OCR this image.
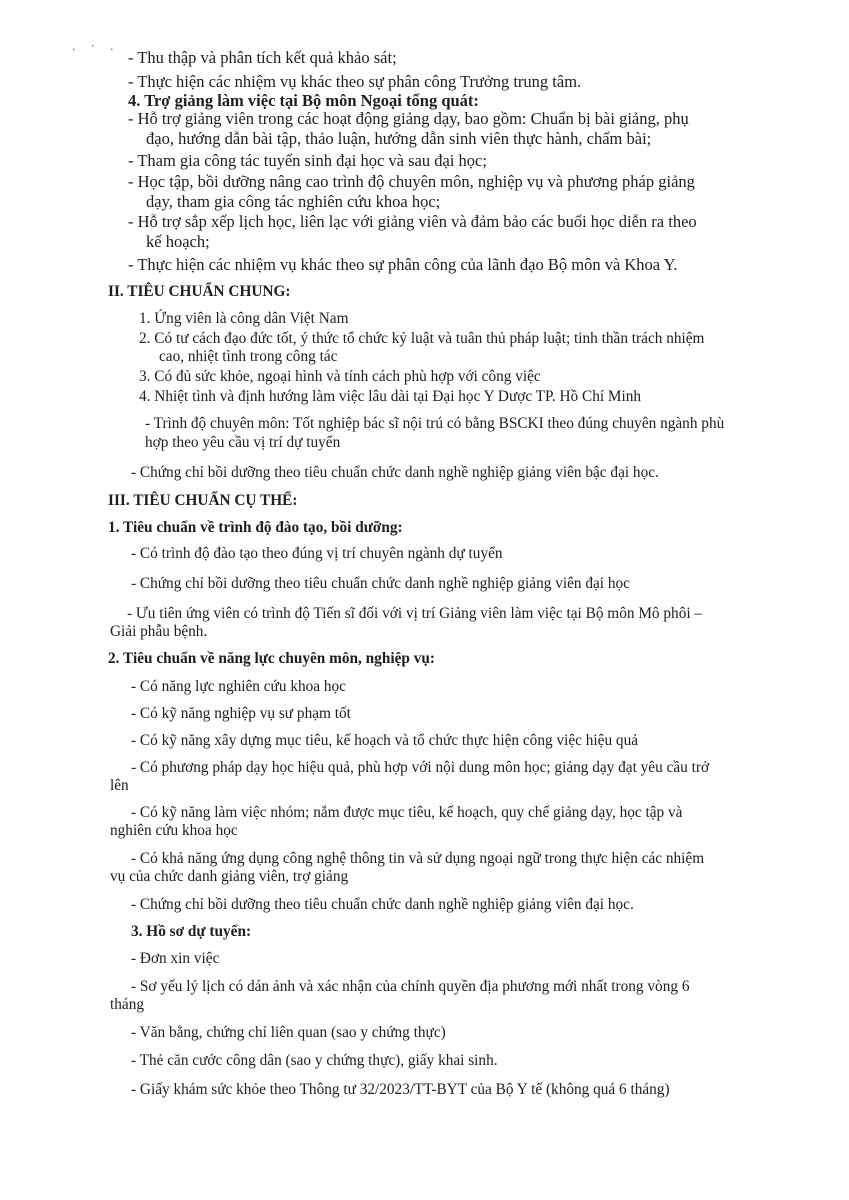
. · .
- Thu thập và phân tích kết quả khảo sát;
- Thực hiện các nhiệm vụ khác theo sự phân công Trưởng trung tâm.
4. Trợ giảng làm việc tại Bộ môn Ngoại tổng quát:
- Hỗ trợ giảng viên trong các hoạt động giảng dạy, bao gồm: Chuẩn bị bài giảng, phụ
đạo, hướng dẫn bài tập, thảo luận, hướng dẫn sinh viên thực hành, chấm bài;
- Tham gia công tác tuyển sinh đại học và sau đại học;
- Học tập, bồi dưỡng nâng cao trình độ chuyên môn, nghiệp vụ và phương pháp giảng
dạy, tham gia công tác nghiên cứu khoa học;
- Hỗ trợ sắp xếp lịch học, liên lạc với giảng viên và đảm bảo các buổi học diễn ra theo
kế hoạch;
- Thực hiện các nhiệm vụ khác theo sự phân công của lãnh đạo Bộ môn và Khoa Y.
II. TIÊU CHUẨN CHUNG:
1. Ứng viên là công dân Việt Nam
2. Có tư cách đạo đức tốt, ý thức tổ chức kỷ luật và tuân thủ pháp luật; tinh thần trách nhiệm
cao, nhiệt tình trong công tác
3. Có đủ sức khỏe, ngoại hình và tính cách phù hợp với công việc
4. Nhiệt tình và định hướng làm việc lâu dài tại Đại học Y Dược TP. Hồ Chí Minh
- Trình độ chuyên môn: Tốt nghiệp bác sĩ nội trú có bằng BSCKI theo đúng chuyên ngành phù
hợp theo yêu cầu vị trí dự tuyển
- Chứng chỉ bồi dưỡng theo tiêu chuẩn chức danh nghề nghiệp giảng viên bậc đại học.
III. TIÊU CHUẨN CỤ THỂ:
1. Tiêu chuẩn về trình độ đào tạo, bồi dưỡng:
- Có trình độ đào tạo theo đúng vị trí chuyên ngành dự tuyển
- Chứng chỉ bồi dưỡng theo tiêu chuẩn chức danh nghề nghiệp giảng viên đại học
- Ưu tiên ứng viên có trình độ Tiến sĩ đối với vị trí Giảng viên làm việc tại Bộ môn Mô phôi –
Giải phẫu bệnh.
2. Tiêu chuẩn về năng lực chuyên môn, nghiệp vụ:
- Có năng lực nghiên cứu khoa học
- Có kỹ năng nghiệp vụ sư phạm tốt
- Có kỹ năng xây dựng mục tiêu, kế hoạch và tổ chức thực hiện công việc hiệu quả
- Có phương pháp dạy học hiệu quả, phù hợp với nội dung môn học; giảng dạy đạt yêu cầu trở
lên
- Có kỹ năng làm việc nhóm; nắm được mục tiêu, kế hoạch, quy chế giảng dạy, học tập và
nghiên cứu khoa học
- Có khả năng ứng dụng công nghệ thông tin và sử dụng ngoại ngữ trong thực hiện các nhiệm
vụ của chức danh giảng viên, trợ giảng
- Chứng chỉ bồi dưỡng theo tiêu chuẩn chức danh nghề nghiệp giảng viên đại học.
3. Hồ sơ dự tuyển:
- Đơn xin việc
- Sơ yếu lý lịch có dán ảnh và xác nhận của chính quyền địa phương mới nhất trong vòng 6
tháng
- Văn bằng, chứng chỉ liên quan (sao y chứng thực)
- Thẻ căn cước công dân (sao y chứng thực), giấy khai sinh.
- Giấy khám sức khỏe theo Thông tư 32/2023/TT-BYT của Bộ Y tế (không quá 6 tháng)
